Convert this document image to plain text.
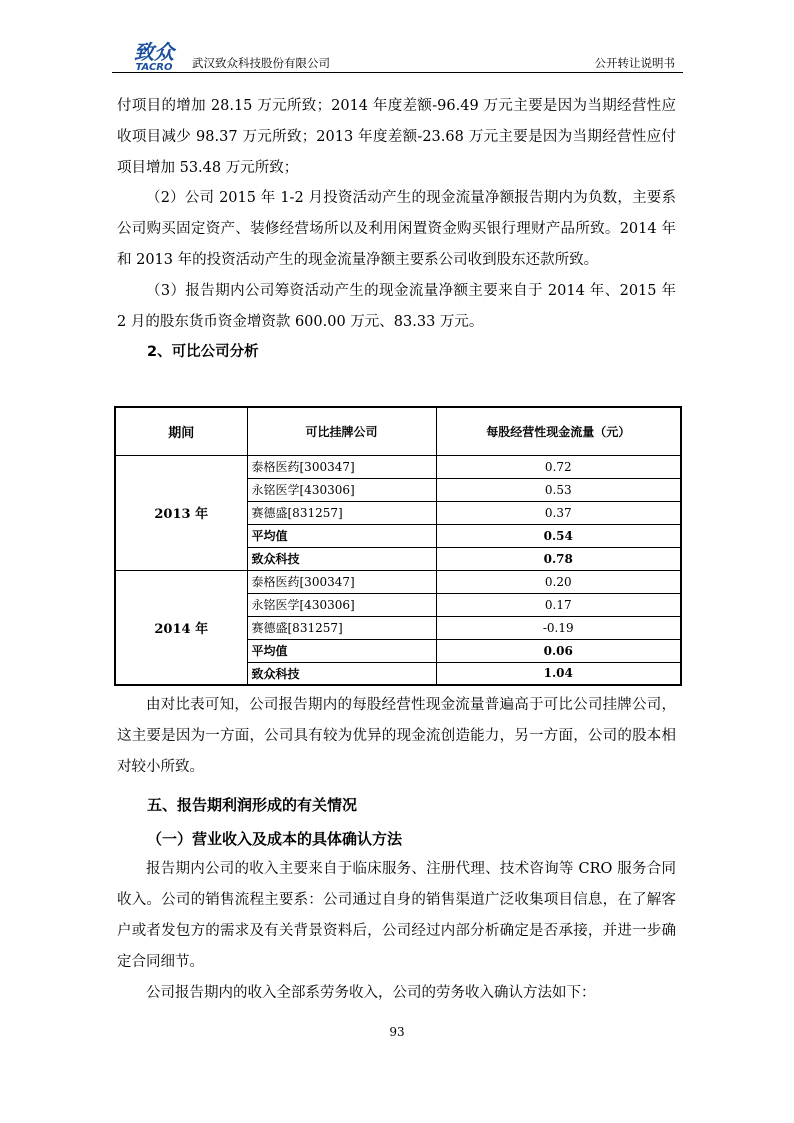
致众
TACRO 武汉致众科技股份有限公司	公开转让说明书

付项目的增加 28.15 万元所致；2014 年度差额-96.49 万元主要是因为当期经营性应收项目减少 98.37 万元所致；2013 年度差额-23.68 万元主要是因为当期经营性应付项目增加 53.48 万元所致；

（2）公司 2015 年 1-2 月投资活动产生的现金流量净额报告期内为负数，主要系公司购买固定资产、装修经营场所以及利用闲置资金购买银行理财产品所致。2014 年和 2013 年的投资活动产生的现金流量净额主要系公司收到股东还款所致。

（3）报告期内公司筹资活动产生的现金流量净额主要来自于 2014 年、2015 年 2 月的股东货币资金增资款 600.00 万元、83.33 万元。

2、可比公司分析
期间	可比挂牌公司	每股经营性现金流量（元）
2013 年	泰格医药[300347]	0.72
	永铭医学[430306]	0.53
	赛德盛[831257]	0.37
	平均值	0.54
	致众科技	0.78
2014 年	泰格医药[300347]	0.20
	永铭医学[430306]	0.17
	赛德盛[831257]	-0.19
	平均值	0.06
	致众科技	1.04

由对比表可知，公司报告期内的每股经营性现金流量普遍高于可比公司挂牌公司，这主要是因为一方面，公司具有较为优异的现金流创造能力，另一方面，公司的股本相对较小所致。

五、报告期利润形成的有关情况
（一）营业收入及成本的具体确认方法

报告期内公司的收入主要来自于临床服务、注册代理、技术咨询等 CRO 服务合同收入。公司的销售流程主要系：公司通过自身的销售渠道广泛收集项目信息，在了解客户或者发包方的需求及有关背景资料后，公司经过内部分析确定是否承接，并进一步确定合同细节。

公司报告期内的收入全部系劳务收入，公司的劳务收入确认方法如下：

93
